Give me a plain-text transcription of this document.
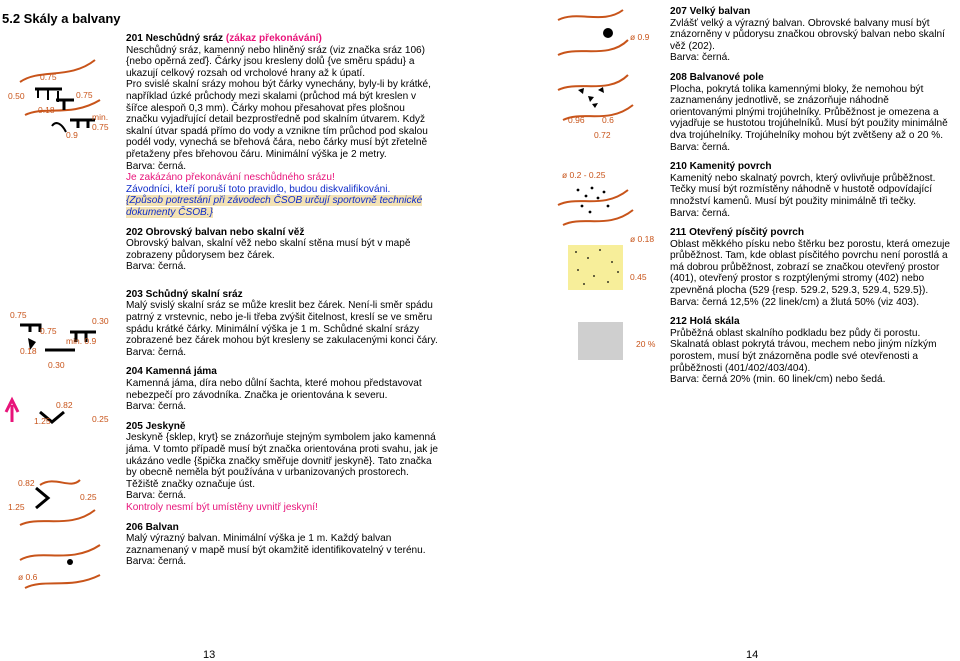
5.2 Skály a balvany
0.75
0.50	0.75
0.18
min.
0.75
0.9
0.75
0.75
0.30
min. 0.9
0.18
0.30
0.82
1.25	0.25
0.82
1.25
0.25
ø 0.6

201 Neschůdný sráz (zákaz překonávání)

Neschůdný sráz, kamenný nebo hliněný sráz (viz značka sráz 106) {nebo opěrná zeď}. Čárky jsou kresleny dolů {ve směru spádu} a ukazují celkový rozsah od vrcholové hrany až k úpatí.

Pro svislé skalní srázy mohou být čárky vynechány, byly-li by krátké, například úzké průchody mezi skalami (průchod má být kreslen v šířce alespoň 0,3 mm). Čárky mohou přesahovat přes plošnou značku vyjadřující detail bezprostředně pod skalním útvarem. Když skalní útvar spadá přímo do vody a vznikne tím průchod pod skalou podél vody, vynechá se břehová čára, nebo čárky musí být zřetelně přetaženy přes břehovou čáru. Minimální výška je 2 metry.

Barva: černá.

Je zakázáno překonávání neschůdného srázu!

Závodníci, kteří poruší toto pravidlo, budou diskvalifikováni.

{Způsob potrestání při závodech ČSOB určují sportovně technické dokumenty ČSOB.}

202 Obrovský balvan nebo skalní věž

Obrovský balvan, skalní věž nebo skalní stěna musí být v mapě zobrazeny půdorysem bez čárek.

Barva: černá.

203 Schůdný skalní sráz

Malý svislý skalní sráz se může kreslit bez čárek. Není-li směr spádu patrný z vrstevnic, nebo je-li třeba zvýšit čitelnost, kreslí se ve směru spádu krátké čárky. Minimální výška je 1 m. Schůdné skalní srázy zobrazené bez čárek mohou být kresleny se zakulacenými konci čáry.

Barva: černá.

204 Kamenná jáma

Kamenná jáma, díra nebo důlní šachta, které mohou představovat nebezpečí pro závodníka. Značka je orientována k severu.

Barva: černá.

205 Jeskyně

Jeskyně {sklep, kryt} se znázorňuje stejným symbolem jako kamenná jáma. V tomto případě musí být značka orientována proti svahu, jak je ukázáno vedle {špička značky směřuje dovnitř jeskyně}. Tato značka by obecně neměla být používána v urbanizovaných prostorech. Těžiště značky označuje úst.

Barva: černá.

Kontroly nesmí být umístěny uvnitř jeskyní!

206 Balvan

Malý výrazný balvan. Minimální výška je 1 m. Každý balvan zaznamenaný v mapě musí být okamžitě identifikovatelný v terénu.

Barva: černá.

ø 0.9
0.96 0.6
0.72
ø 0.2 - 0.25
ø 0.18
0.45
20 %

207 Velký balvan

Zvlášť velký a výrazný balvan. Obrovské balvany musí být znázorněny v půdorysu značkou obrovský balvan nebo skalní věž (202).

Barva: černá.

208 Balvanové pole

Plocha, pokrytá tolika kamennými bloky, že nemohou být zaznamenány jednotlivě, se znázorňuje náhodně orientovanými plnými trojúhelníky. Průběžnost je omezena a vyjadřuje se hustotou trojúhelníků. Musí být použity minimálně dva trojúhelníky. Trojúhelníky mohou být zvětšeny až o 20 %.

Barva: černá.

210 Kamenitý povrch

Kamenitý nebo skalnatý povrch, který ovlivňuje průběžnost. Tečky musí být rozmístěny náhodně v hustotě odpovídající množství kamenů. Musí být použity minimálně tři tečky.

Barva: černá.

211 Otevřený písčitý povrch

Oblast měkkého písku nebo štěrku bez porostu, která omezuje průběžnost. Tam, kde oblast písčitého povrchu není porostlá a má dobrou průběžnost, zobrazí se značkou otevřený prostor (401), otevřený prostor s rozptýlenými stromy (402) nebo zpevněná plocha (529 {resp. 529.2, 529.3, 529.4, 529.5}).

Barva: černá 12,5% (22 linek/cm) a žlutá 50% (viz 403).

212 Holá skála

Průběžná oblast skalního podkladu bez půdy či porostu. Skalnatá oblast pokrytá trávou, mechem nebo jiným nízkým porostem, musí být znázorněna podle své otevřenosti a průběžnosti (401/402/403/404).

Barva: černá 20% (min. 60 linek/cm) nebo šedá.

13	14
